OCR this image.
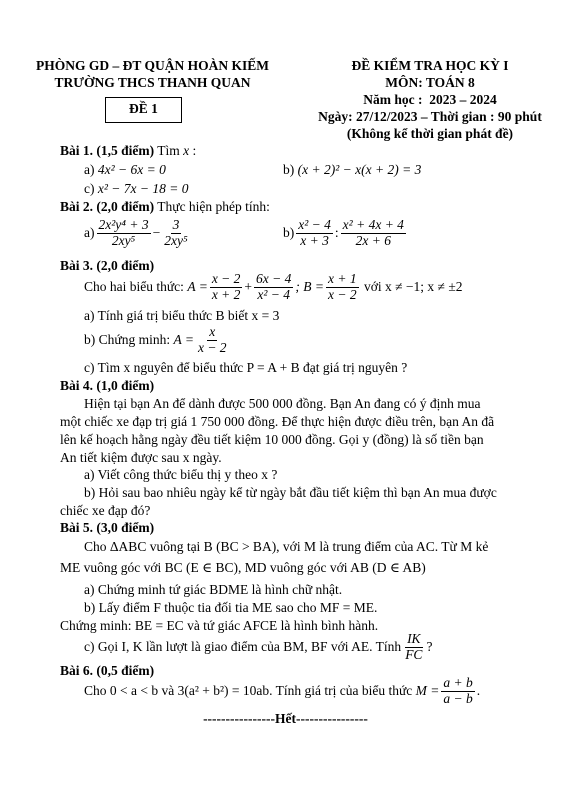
PHÒNG GD – ĐT QUẬN HOÀN KIẾM
TRƯỜNG THCS THANH QUAN
ĐỀ KIỂM TRA HỌC KỲ I
MÔN: TOÁN 8
Năm học : 2023 – 2024
Ngày: 27/12/2023 – Thời gian : 90 phút
(Không kể thời gian phát đề)
ĐỀ 1
Bài 1. (1,5 điểm) Tìm x :
a) 4x² − 6x = 0	b) (x + 2)² − x(x + 2) = 3
c) x² − 7x − 18 = 0
Bài 2. (2,0 điểm) Thực hiện phép tính:
$a) \frac{\text{2x²y⁴ + 3}}{\text{2xy⁵}} - \frac{3}{\text{2xy⁵}}$	$b) \frac{\text{x² − 4}}{x + 3}$ : $\frac{\text{x² + 4x + 4}}{2x + 6}$
Bài 3. (2,0 điểm)
Cho hai biểu thức:
$A = \frac{x - 2}{x + 2} + \frac{6x - 4}{\text{x² − 4}}$ ; $B = \frac{x + 1}{x - 2}$
với x ≠ −1; x ≠ ±2
a) Tính giá trị biểu thức B biết x = 3
b) Chứng minh:
$A = \frac{x}{x - 2}$
c) Tìm x nguyên để biểu thức P = A + B đạt giá trị nguyên ?
Bài 4. (1,0 điểm)
Hiện tại bạn An để dành được 500 000 đồng. Bạn An đang có ý định mua
một chiếc xe đạp trị giá 1 750 000 đồng. Để thực hiện được điều trên, bạn An đã
lên kế hoạch hằng ngày đều tiết kiệm 10 000 đồng. Gọi y (đồng) là số tiền bạn
An tiết kiệm được sau x ngày.
a) Viết công thức biểu thị y theo x ?
b) Hỏi sau bao nhiêu ngày kể từ ngày bắt đầu tiết kiệm thì bạn An mua được
chiếc xe đạp đó?
Bài 5. (3,0 điểm)
Cho ΔABC vuông tại B (BC > BA), với M là trung điểm của AC. Từ M kẻ
ME vuông góc với BC (E ∈ BC), MD vuông góc với AB (D ∈ AB)
a) Chứng minh tứ giác BDME là hình chữ nhật.
b) Lấy điểm F thuộc tia đối tia ME sao cho MF = ME.
Chứng minh: BE = EC và tứ giác AFCE là hình bình hành.
c) Gọi I, K lần lượt là giao điểm của BM, BF với AE. Tính $\frac{IK}{FC}$ ?
Bài 6. (0,5 điểm)
Cho 0 < a < b và 3(a² + b²) = 10ab. Tính giá trị của biểu thức
$M = \frac{a + b}{a - b}$ .
----------------Hết----------------
